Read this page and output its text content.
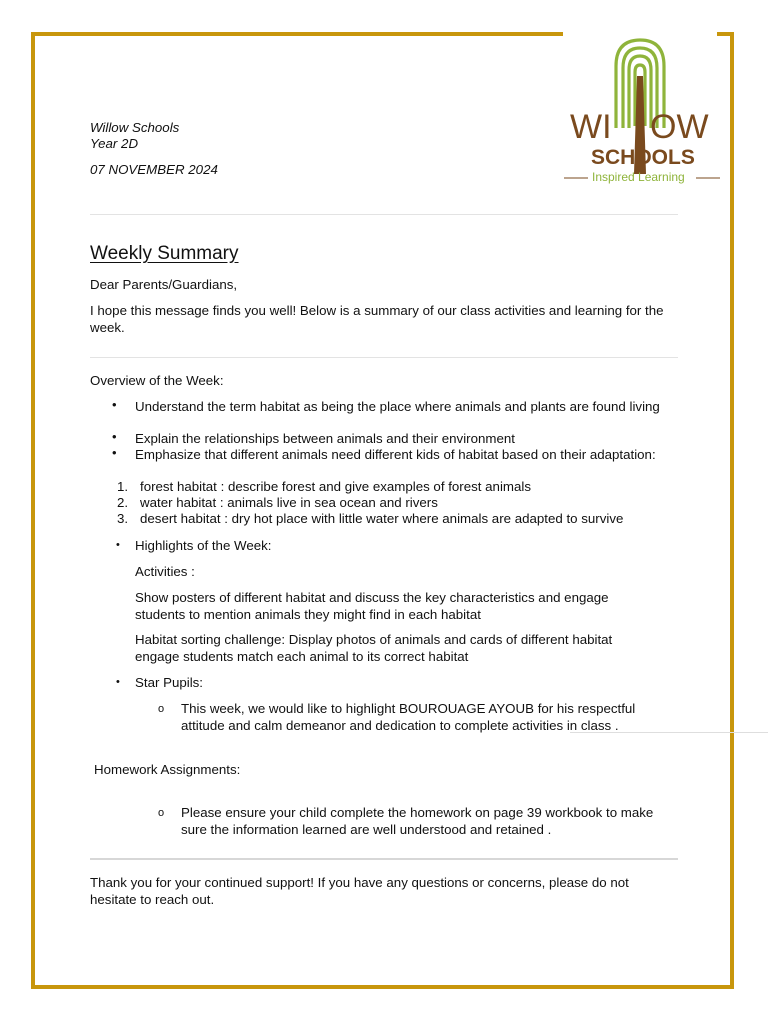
WI OW
SCHOOLS
Inspired Learning

Willow Schools

Year 2D

07 NOVEMBER 2024

Weekly Summary

Dear Parents/Guardians,

I hope this message finds you well! Below is a summary of our class activities and learning for the week.

Overview of the Week:

• Understand the term habitat as being the place where animals and plants are found living

• Explain the relationships between animals and their environment

• Emphasize that different animals need different kids of habitat based on their adaptation:

1. forest habitat : describe forest and give examples of forest animals

2. water habitat : animals live in sea ocean and rivers

3. desert habitat : dry hot place with little water where animals are adapted to survive

• Highlights of the Week:

Activities :

Show posters of different habitat and discuss the key characteristics and engage students to mention animals they might find in each habitat

Habitat sorting challenge: Display photos of animals and cards of different habitat engage students match each animal to its correct habitat

• Star Pupils:

o This week, we would like to highlight BOUROUAGE AYOUB for his respectful attitude and calm demeanor and dedication to complete activities in class .

Homework Assignments:

o Please ensure your child complete the homework on page 39 workbook to make sure the information learned are well understood and retained .

Thank you for your continued support! If you have any questions or concerns, please do not hesitate to reach out.
